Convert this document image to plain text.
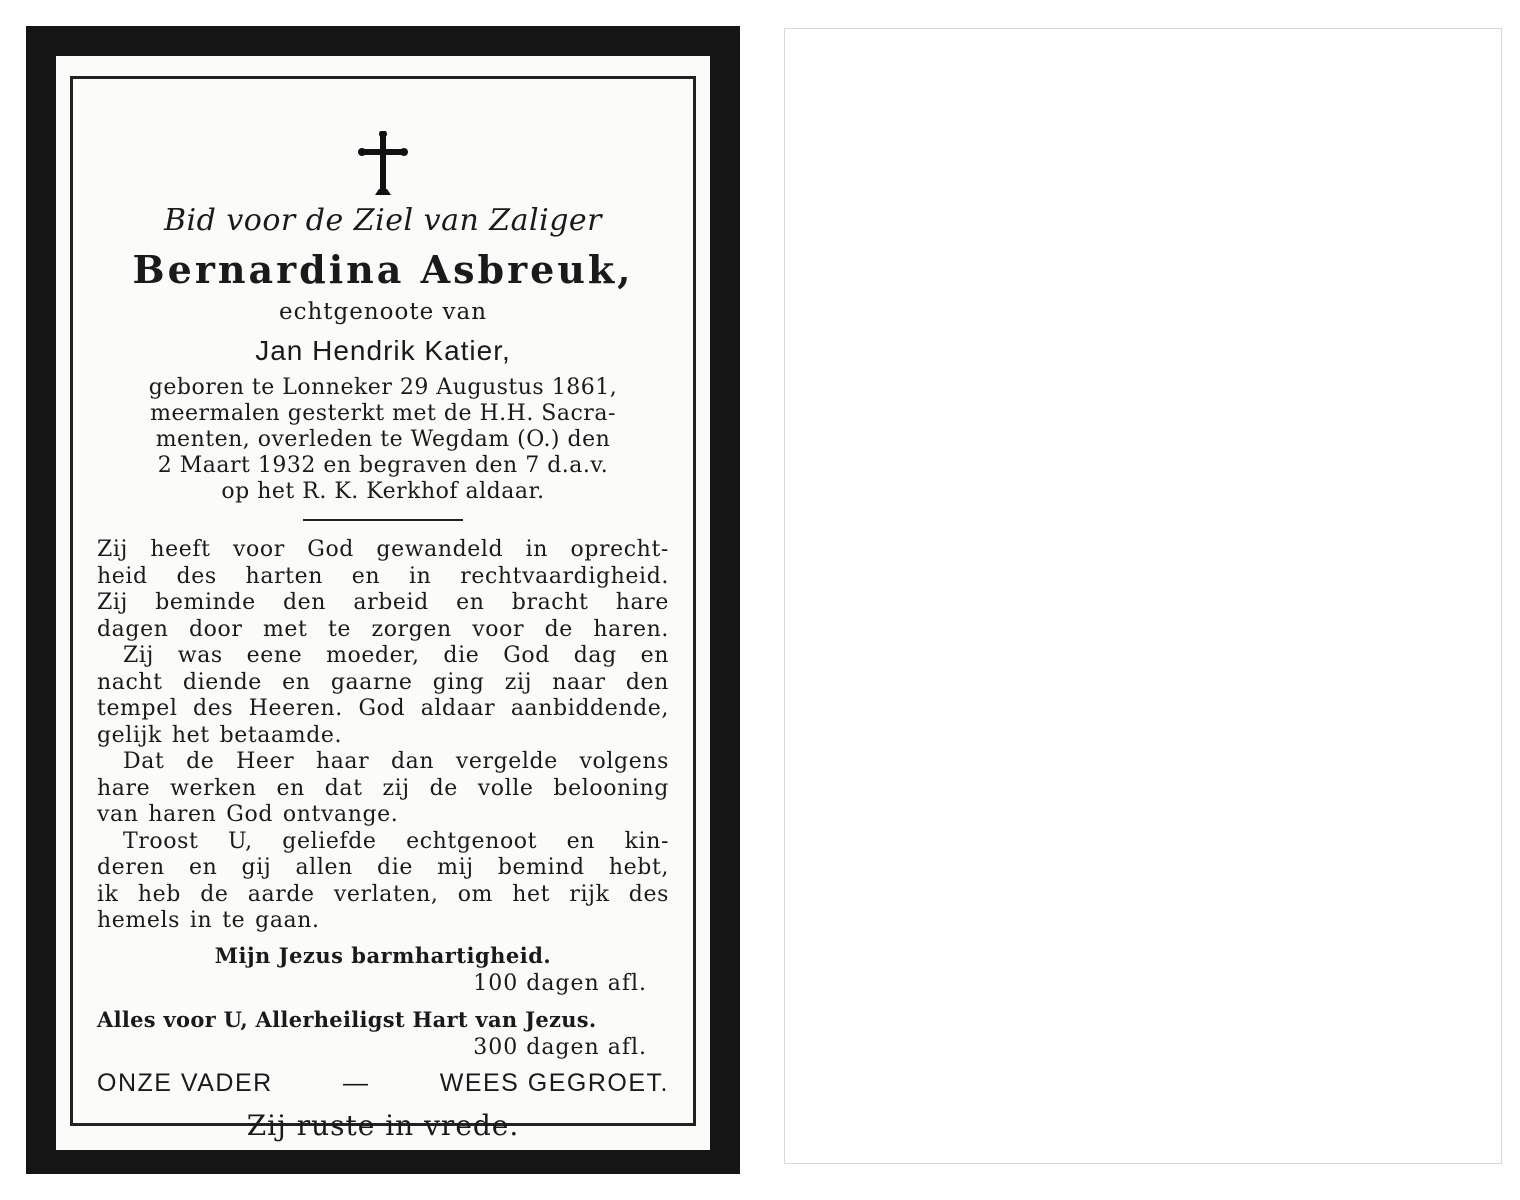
Bid voor de Ziel van Zaliger
Bernardina Asbreuk,
echtgenoote van
Jan Hendrik Katier,
geboren te Lonneker 29 Augustus 1861,
meermalen gesterkt met de H.H. Sacra-
menten, overleden te Wegdam (O.) den
2 Maart 1932 en begraven den 7 d.a.v.
op het R. K. Kerkhof aldaar.
Zij heeft voor God gewandeld in oprecht-
heid des harten en in rechtvaardigheid.
Zij beminde den arbeid en bracht hare
dagen door met te zorgen voor de haren.
Zij was eene moeder, die God dag en
nacht diende en gaarne ging zij naar den
tempel des Heeren. God aldaar aanbiddende,
gelijk het betaamde.
Dat de Heer haar dan vergelde volgens
hare werken en dat zij de volle belooning
van haren God ontvange.
Troost U, geliefde echtgenoot en kin-
deren en gij allen die mij bemind hebt,
ik heb de aarde verlaten, om het rijk des
hemels in te gaan.
Mijn Jezus barmhartigheid.
100 dagen afl.
Alles voor U, Allerheiligst Hart van Jezus.
300 dagen afl.
ONZE VADER	—	WEES GEGROET.
Zij ruste in vrede.
